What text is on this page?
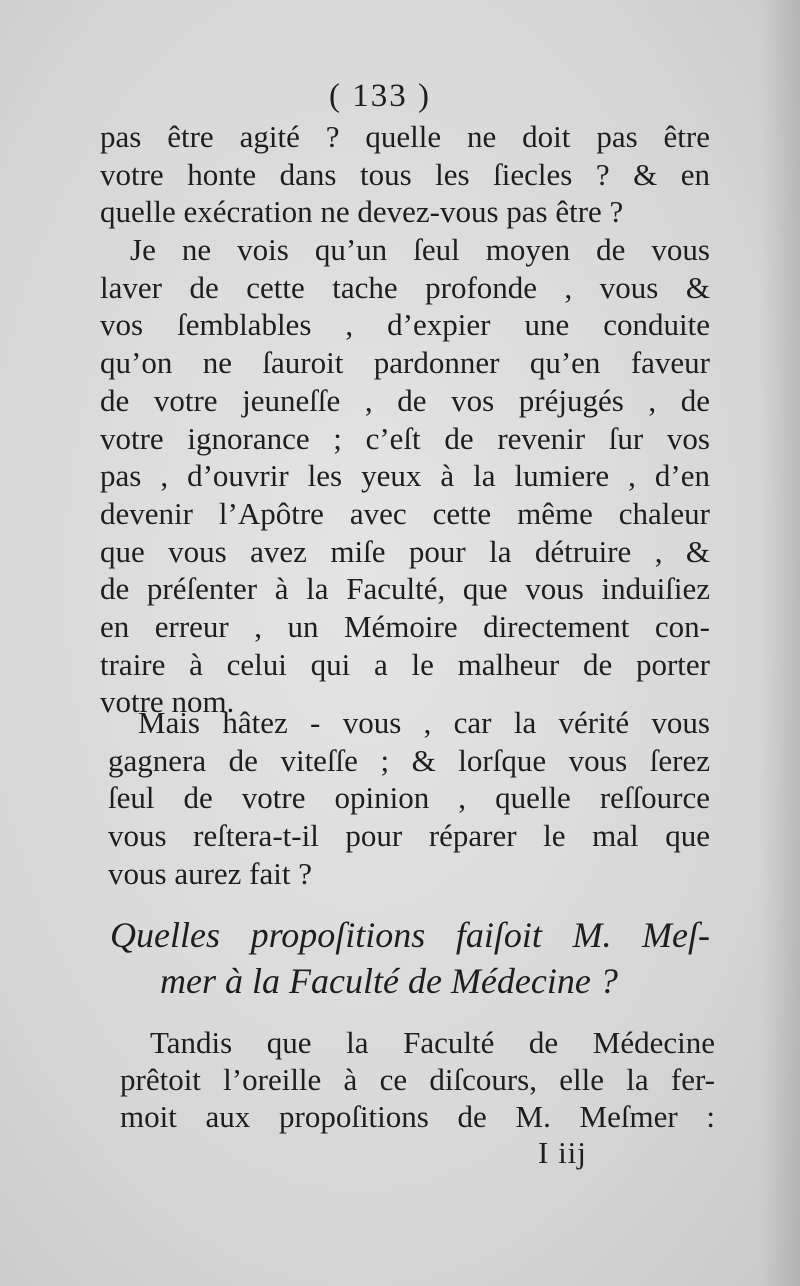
( 133 )
pas être agité ? quelle ne doit pas être
votre honte dans tous les ſiecles ? & en
quelle exécration ne devez-vous pas être ?
Je ne vois qu’un ſeul moyen de vous
laver de cette tache profonde , vous &
vos ſemblables , d’expier une conduite
qu’on ne ſauroit pardonner qu’en faveur
de votre jeuneſſe , de vos préjugés , de
votre ignorance ; c’eſt de revenir ſur vos
pas , d’ouvrir les yeux à la lumiere , d’en
devenir l’Apôtre avec cette même chaleur
que vous avez miſe pour la détruire , &
de préſenter à la Faculté, que vous induiſiez
en erreur , un Mémoire directement con-
traire à celui qui a le malheur de porter
votre nom.
Mais hâtez - vous , car la vérité vous
gagnera de viteſſe ; & lorſque vous ſerez
ſeul de votre opinion , quelle reſſource
vous reſtera-t-il pour réparer le mal que
vous aurez fait ?
Quelles propoſitions faiſoit M. Meſ-
mer à la Faculté de Médecine ?
Tandis que la Faculté de Médecine
prêtoit l’oreille à ce diſcours, elle la fer-
moit aux propoſitions de M. Meſmer :
I iij
